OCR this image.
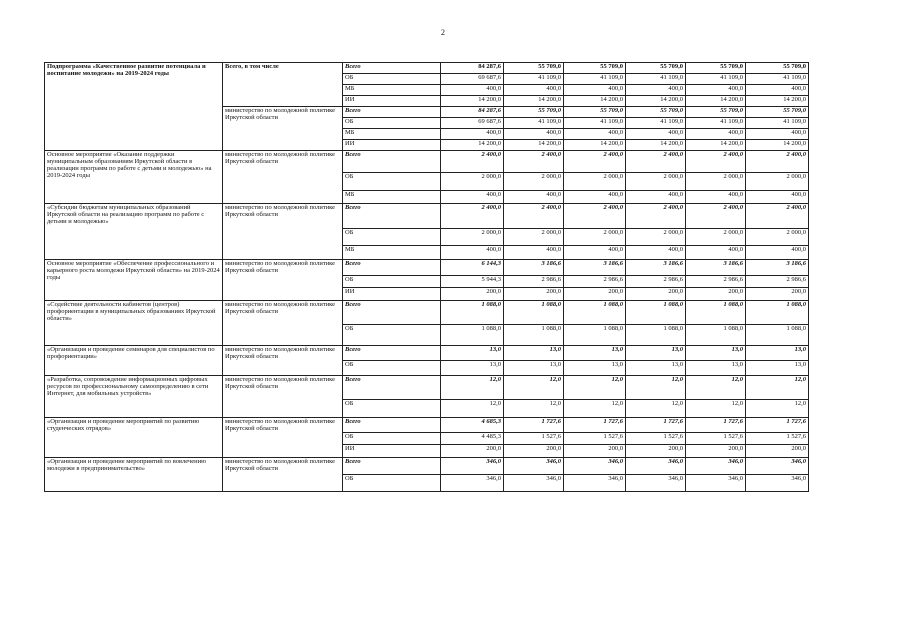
2
Подпрограмма «Качественное развитие потенциала и воспитание молодежи» на 2019-2024 годы	Всего, в том числе	Всего	84 287,6	55 709,0	55 709,0	55 709,0	55 709,0	55 709,0
		ОБ	69 687,6	41 109,0	41 109,0	41 109,0	41 109,0	41 109,0
		МБ	400,0	400,0	400,0	400,0	400,0	400,0
		ИИ	14 200,0	14 200,0	14 200,0	14 200,0	14 200,0	14 200,0
	министерство по молодежной политике Иркутской области	Всего	84 287,6	55 709,0	55 709,0	55 709,0	55 709,0	55 709,0
		ОБ	69 687,6	41 109,0	41 109,0	41 109,0	41 109,0	41 109,0
		МБ	400,0	400,0	400,0	400,0	400,0	400,0
		ИИ	14 200,0	14 200,0	14 200,0	14 200,0	14 200,0	14 200,0
Основное мероприятие «Оказание поддержки муниципальным образованиям Иркутской области в реализации программ по работе с детьми и молодежью» на 2019-2024 годы	министерство по молодежной политике Иркутской области	Всего	2 400,0	2 400,0	2 400,0	2 400,0	2 400,0	2 400,0
		ОБ	2 000,0	2 000,0	2 000,0	2 000,0	2 000,0	2 000,0
		МБ	400,0	400,0	400,0	400,0	400,0	400,0
«Субсидии бюджетам муниципальных образований Иркутской области на реализацию программ по работе с детьми и молодежью»	министерство по молодежной политике Иркутской области	Всего	2 400,0	2 400,0	2 400,0	2 400,0	2 400,0	2 400,0
		ОБ	2 000,0	2 000,0	2 000,0	2 000,0	2 000,0	2 000,0
		МБ	400,0	400,0	400,0	400,0	400,0	400,0
Основное мероприятие «Обеспечение профессионального и карьерного роста молодежи Иркутской области» на 2019-2024 годы	министерство по молодежной политике Иркутской области	Всего	6 144,3	3 186,6	3 186,6	3 186,6	3 186,6	3 186,6
		ОБ	5 944,3	2 986,6	2 986,6	2 986,6	2 986,6	2 986,6
		ИИ	200,0	200,0	200,0	200,0	200,0	200,0
«Содействие деятельности кабинетов (центров) профориентации в муниципальных образованиях Иркутской области»	министерство по молодежной политике Иркутской области	Всего	1 088,0	1 088,0	1 088,0	1 088,0	1 088,0	1 088,0
		ОБ	1 088,0	1 088,0	1 088,0	1 088,0	1 088,0	1 088,0
«Организация и проведение семинаров для специалистов по профориентации»	министерство по молодежной политике Иркутской области	Всего	13,0	13,0	13,0	13,0	13,0	13,0
		ОБ	13,0	13,0	13,0	13,0	13,0	13,0
«Разработка, сопровождение информационных цифровых ресурсов по профессиональному самоопределению в сети Интернет, для мобильных устройств»	министерство по молодежной политике Иркутской области	Всего	12,0	12,0	12,0	12,0	12,0	12,0
		ОБ	12,0	12,0	12,0	12,0	12,0	12,0
«Организация и проведение мероприятий по развитию студенческих отрядов»	министерство по молодежной политике Иркутской области	Всего	4 685,3	1 727,6	1 727,6	1 727,6	1 727,6	1 727,6
		ОБ	4 485,3	1 527,6	1 527,6	1 527,6	1 527,6	1 527,6
		ИИ	200,0	200,0	200,0	200,0	200,0	200,0
«Организация и проведение мероприятий по вовлечению молодежи в предпринимательство»	министерство по молодежной политике Иркутской области	Всего	346,0	346,0	346,0	346,0	346,0	346,0
		ОБ	346,0	346,0	346,0	346,0	346,0	346,0
